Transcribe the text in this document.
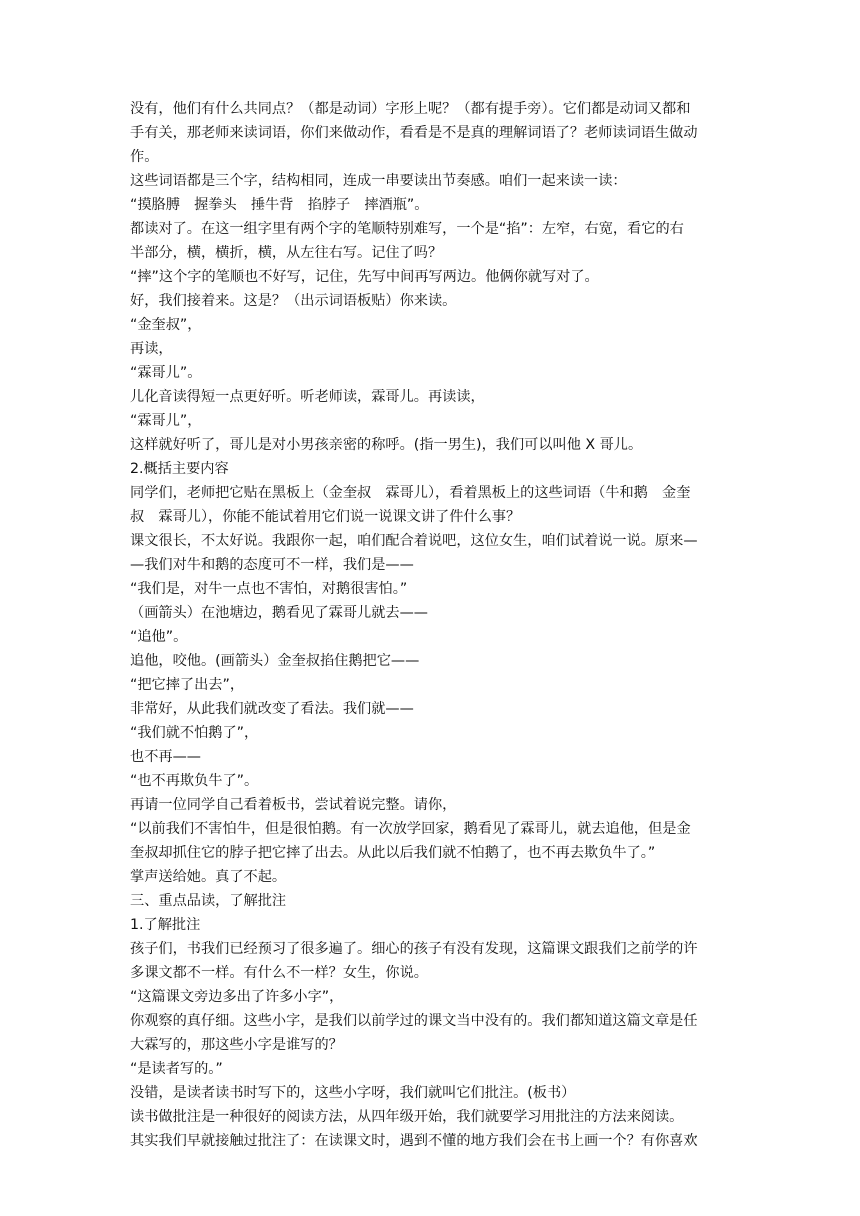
没有，他们有什么共同点？（都是动词）字形上呢？（都有提手旁）。它们都是动词又都和
手有关，那老师来读词语，你们来做动作，看看是不是真的理解词语了？老师读词语生做动
作。
这些词语都是三个字，结构相同，连成一串要读出节奏感。咱们一起来读一读：
“摸胳膊　握拳头　捶牛背　掐脖子　摔酒瓶”。
都读对了。在这一组字里有两个字的笔顺特别难写，一个是“掐”：左窄，右宽，看它的右
半部分，横，横折，横，从左往右写。记住了吗？
“摔”这个字的笔顺也不好写，记住，先写中间再写两边。他俩你就写对了。
好，我们接着来。这是？（出示词语板贴）你来读。
“金奎叔”，
再读，
“霖哥儿”。
儿化音读得短一点更好听。听老师读，霖哥儿。再读读，
“霖哥儿”，
这样就好听了，哥儿是对小男孩亲密的称呼。(指一男生)，我们可以叫他 X 哥儿。
2.概括主要内容
同学们，老师把它贴在黑板上（金奎叔　霖哥儿），看着黑板上的这些词语（牛和鹅　金奎
叔　霖哥儿），你能不能试着用它们说一说课文讲了件什么事？
课文很长，不太好说。我跟你一起，咱们配合着说吧，这位女生，咱们试着说一说。原来—
—我们对牛和鹅的态度可不一样，我们是——
“我们是，对牛一点也不害怕，对鹅很害怕。”
（画箭头）在池塘边，鹅看见了霖哥儿就去——
“追他”。
追他，咬他。(画箭头）金奎叔掐住鹅把它——
“把它摔了出去”，
非常好，从此我们就改变了看法。我们就——
“我们就不怕鹅了”，
也不再——
“也不再欺负牛了”。
再请一位同学自己看着板书，尝试着说完整。请你，
“以前我们不害怕牛，但是很怕鹅。有一次放学回家，鹅看见了霖哥儿，就去追他，但是金
奎叔却抓住它的脖子把它摔了出去。从此以后我们就不怕鹅了，也不再去欺负牛了。”
掌声送给她。真了不起。
三、重点品读，了解批注
1.了解批注
孩子们，书我们已经预习了很多遍了。细心的孩子有没有发现，这篇课文跟我们之前学的许
多课文都不一样。有什么不一样？女生，你说。
“这篇课文旁边多出了许多小字”，
你观察的真仔细。这些小字，是我们以前学过的课文当中没有的。我们都知道这篇文章是任
大霖写的，那这些小字是谁写的？
“是读者写的。”
没错，是读者读书时写下的，这些小字呀，我们就叫它们批注。(板书）
读书做批注是一种很好的阅读方法，从四年级开始，我们就要学习用批注的方法来阅读。
其实我们早就接触过批注了：在读课文时，遇到不懂的地方我们会在书上画一个？有你喜欢
